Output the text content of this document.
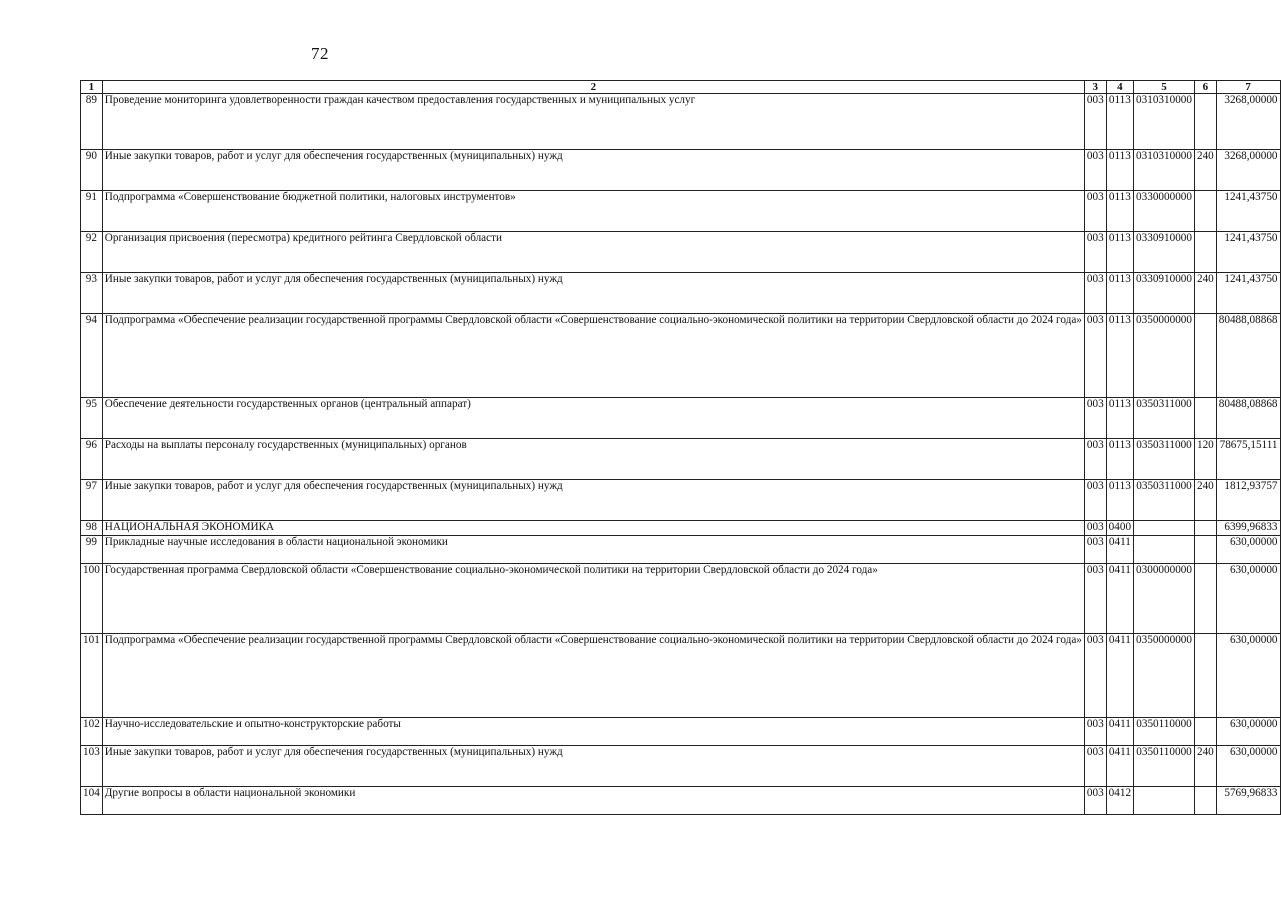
72
1	2	3	4	5	6	7
89	Проведение мониторинга удовлетворенности граждан качеством предоставления государственных и муниципальных услуг	003	0113	0310310000		3268,00000
90	Иные закупки товаров, работ и услуг для обеспечения государственных (муниципальных) нужд	003	0113	0310310000	240	3268,00000
91	Подпрограмма «Совершенствование бюджетной политики, налоговых инструментов»	003	0113	0330000000		1241,43750
92	Организация присвоения (пересмотра) кредитного рейтинга Свердловской области	003	0113	0330910000		1241,43750
93	Иные закупки товаров, работ и услуг для обеспечения государственных (муниципальных) нужд	003	0113	0330910000	240	1241,43750
94	Подпрограмма «Обеспечение реализации государственной программы Свердловской области «Совершенствование социально-экономической политики на территории Свердловской области до 2024 года»	003	0113	0350000000		80488,08868
95	Обеспечение деятельности государственных органов (центральный аппарат)	003	0113	0350311000		80488,08868
96	Расходы на выплаты персоналу государственных (муниципальных) органов	003	0113	0350311000	120	78675,15111
97	Иные закупки товаров, работ и услуг для обеспечения государственных (муниципальных) нужд	003	0113	0350311000	240	1812,93757
98	НАЦИОНАЛЬНАЯ ЭКОНОМИКА	003	0400			6399,96833
99	Прикладные научные исследования в области национальной экономики	003	0411			630,00000
100	Государственная программа Свердловской области «Совершенствование социально-экономической политики на территории Свердловской области до 2024 года»	003	0411	0300000000		630,00000
101	Подпрограмма «Обеспечение реализации государственной программы Свердловской области «Совершенствование социально-экономической политики на территории Свердловской области до 2024 года»	003	0411	0350000000		630,00000
102	Научно-исследовательские и опытно-конструкторские работы	003	0411	0350110000		630,00000
103	Иные закупки товаров, работ и услуг для обеспечения государственных (муниципальных) нужд	003	0411	0350110000	240	630,00000
104	Другие вопросы в области национальной экономики	003	0412			5769,96833
